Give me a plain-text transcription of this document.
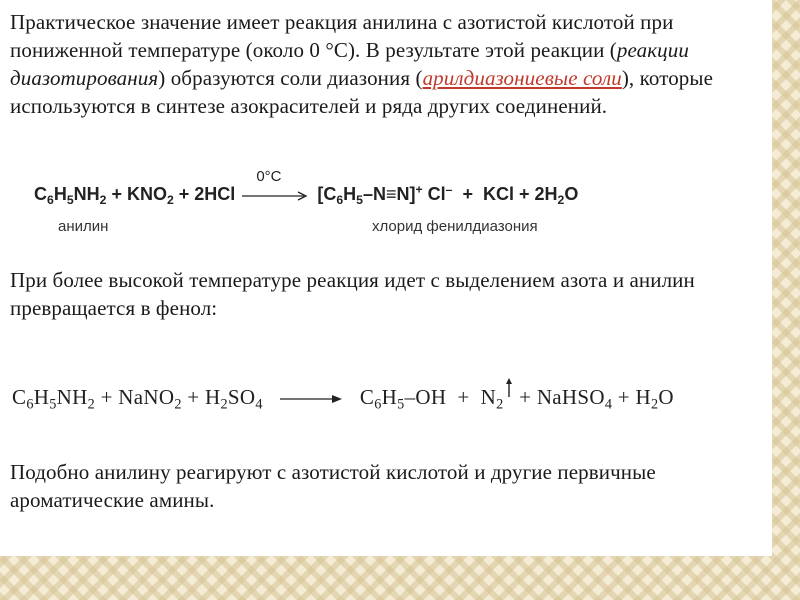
Практическое значение имеет реакция анилина с азотистой кислотой при пониженной температуре (около 0 °С). В результате этой реакции (реакции диазотирования) образуются соли диазония (арилдиазониевые соли), которые используются в синтезе азокрасителей и ряда других соединений.

$C_6H_5NH_2 + KNO_2 + 2HCl$
0°C
$[C_6H_5-N\equiv N]^+$ Cl–  +  KCl + $2H_2O$
анилин	хлорид фенилдиазония

При более высокой температуре реакция идет с выделением азота и анилин превращается в фенол:

$C_6H_5NH_2$ + NaNO$_2$ + $H_2SO_4$	$C_6H_5-OH + N_2$ + NaHSO$_4$ + $H_2O$

Подобно анилину реагируют с азотистой кислотой и другие первичные ароматические амины.
